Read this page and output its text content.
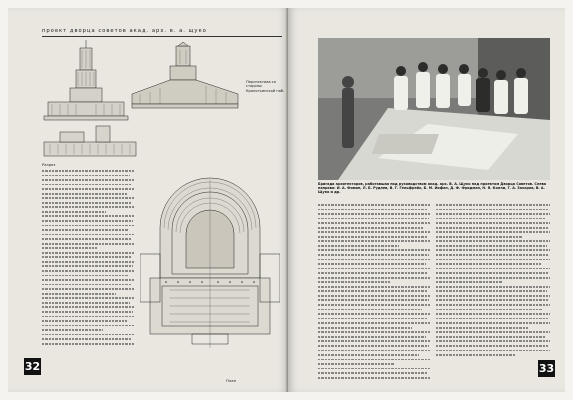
проект дворца советов акад. арх. в. а. щуко
Перспектива со стороны Кропоткинской наб.
Разрез
План
32
Бригада архитекторов, работавшая под руководством акад. арх. В. А. Щуко над проектом Дворца Советов. Слева направо: И. А. Фомин, Л. Б. Руднев, В. Г. Гельфрейх, Б. М. Иофан, Д. Ф. Фридман, Н. Я. Колли, Г. А. Захаров, В. А. Щуко и др.
33
